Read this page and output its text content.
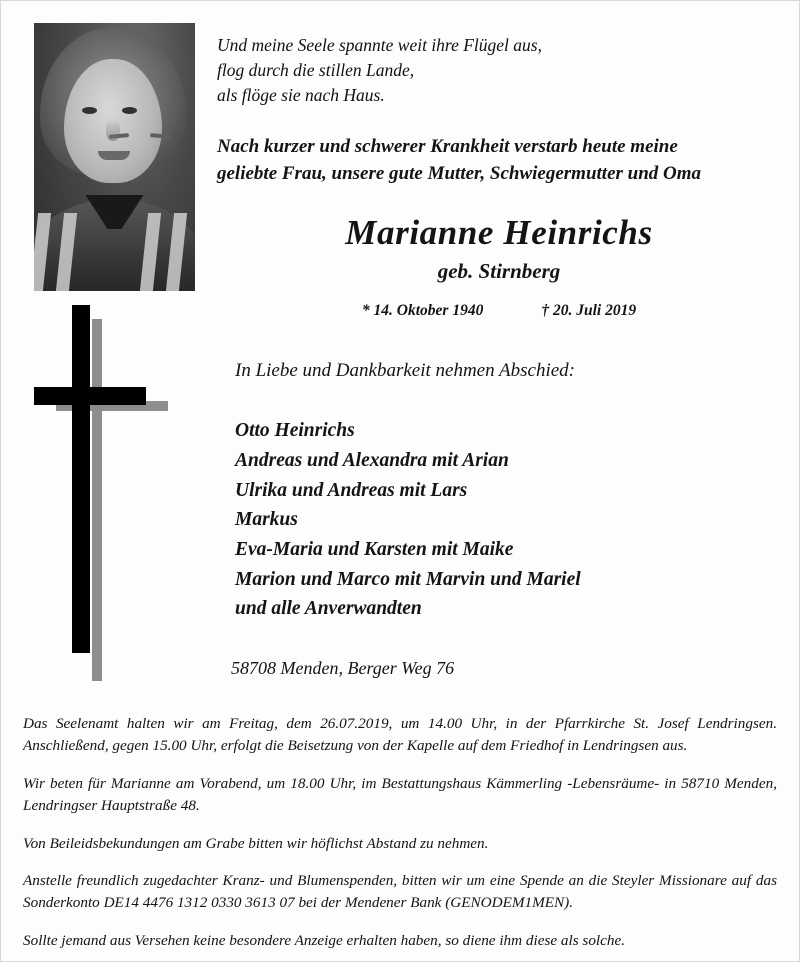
Und meine Seele spannte weit ihre Flügel aus,
flog durch die stillen Lande,
als flöge sie nach Haus.
Nach kurzer und schwerer Krankheit verstarb heute meine
geliebte Frau, unsere gute Mutter, Schwiegermutter und Oma
Marianne Heinrichs
geb. Stirnberg
* 14. Oktober 1940	† 20. Juli 2019
In Liebe und Dankbarkeit nehmen Abschied:
Otto Heinrichs
Andreas und Alexandra mit Arian
Ulrika und Andreas mit Lars
Markus
Eva-Maria und Karsten mit Maike
Marion und Marco mit Marvin und Mariel
und alle Anverwandten
58708 Menden, Berger Weg 76

Das Seelenamt halten wir am Freitag, dem 26.07.2019, um 14.00 Uhr, in der Pfarrkirche St. Josef Lendringsen. Anschließend, gegen 15.00 Uhr, erfolgt die Beisetzung von der Kapelle auf dem Friedhof in Lendringsen aus.

Wir beten für Marianne am Vorabend, um 18.00 Uhr, im Bestattungshaus Kämmerling -Lebensräume- in 58710 Menden, Lendringser Hauptstraße 48.

Von Beileidsbekundungen am Grabe bitten wir höflichst Abstand zu nehmen.

Anstelle freundlich zugedachter Kranz- und Blumenspenden, bitten wir um eine Spende an die Steyler Missionare auf das Sonderkonto DE14 4476 1312 0330 3613 07 bei der Mendener Bank (GENODEM1MEN).

Sollte jemand aus Versehen keine besondere Anzeige erhalten haben, so diene ihm diese als solche.
